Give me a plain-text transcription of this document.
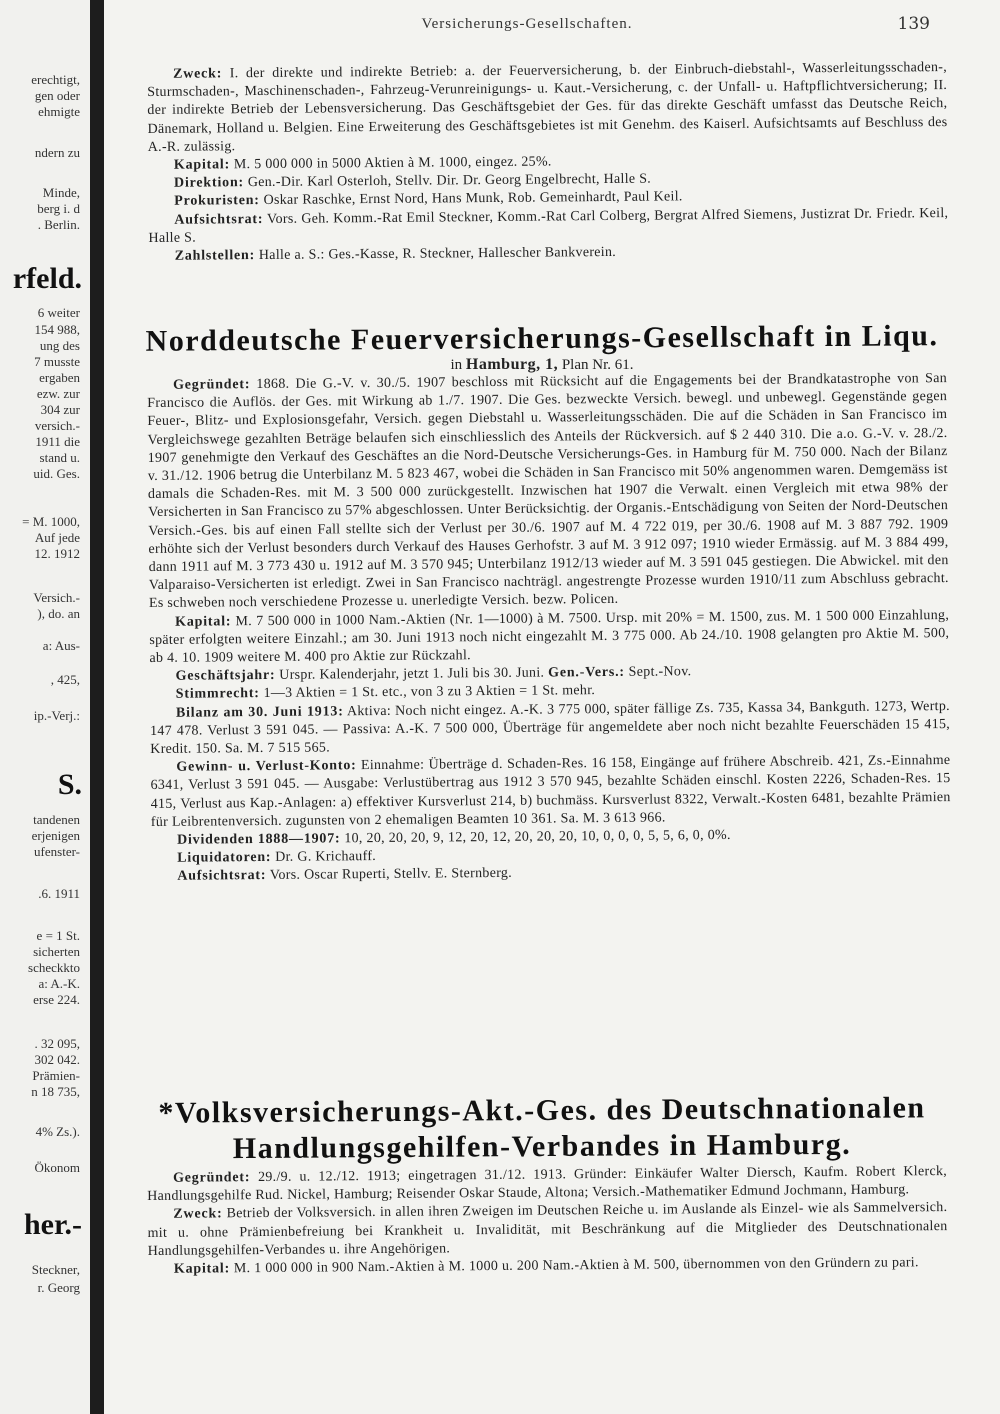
erechtigt,
gen oder
ehmigte
ndern zu
Minde,
berg i. d
. Berlin.
rfeld.
6 weiter
154 988,
ung des
7 musste
ergaben
ezw. zur
304 zur
versich.-
1911 die
stand u.
uid. Ges.
= M. 1000,
Auf jede
12. 1912
Versich.-
), do. an
a: Aus-
, 425,
ip.-Verj.:
S.
tandenen
erjenigen
ufenster-
.6. 1911
e = 1 St.
sicherten
scheckkto
a: A.-K.
erse 224.
. 32 095,
302 042.
Prämien-
n 18 735,
4% Zs.).
Ökonom
her.-
Steckner,
r. Georg
Versicherungs-Gesellschaften.	139

Zweck: I. der direkte und indirekte Betrieb: a. der Feuerversicherung, b. der Einbruch-diebstahl-, Wasserleitungsschaden-, Sturmschaden-, Maschinenschaden-, Fahrzeug-Verunreinigungs- u. Kaut.-Versicherung, c. der Unfall- u. Haftpflichtversicherung; II. der indirekte Betrieb der Lebensversicherung. Das Geschäftsgebiet der Ges. für das direkte Geschäft umfasst das Deutsche Reich, Dänemark, Holland u. Belgien. Eine Erweiterung des Geschäftsgebietes ist mit Genehm. des Kaiserl. Aufsichtsamts auf Beschluss des A.-R. zulässig.

Kapital: M. 5 000 000 in 5000 Aktien à M. 1000, eingez. 25%.

Direktion: Gen.-Dir. Karl Osterloh, Stellv. Dir. Dr. Georg Engelbrecht, Halle S.

Prokuristen: Oskar Raschke, Ernst Nord, Hans Munk, Rob. Gemeinhardt, Paul Keil.

Aufsichtsrat: Vors. Geh. Komm.-Rat Emil Steckner, Komm.-Rat Carl Colberg, Bergrat Alfred Siemens, Justizrat Dr. Friedr. Keil, Halle S.

Zahlstellen: Halle a. S.: Ges.-Kasse, R. Steckner, Hallescher Bankverein.

Norddeutsche Feuerversicherungs-Gesellschaft in Liqu.
in Hamburg, 1, Plan Nr. 61.

Gegründet: 1868. Die G.-V. v. 30./5. 1907 beschloss mit Rücksicht auf die Engagements bei der Brandkatastrophe von San Francisco die Auflös. der Ges. mit Wirkung ab 1./7. 1907. Die Ges. bezweckte Versich. bewegl. und unbewegl. Gegenstände gegen Feuer-, Blitz- und Explosionsgefahr, Versich. gegen Diebstahl u. Wasserleitungsschäden. Die auf die Schäden in San Francisco im Vergleichswege gezahlten Beträge belaufen sich einschliesslich des Anteils der Rückversich. auf $ 2 440 310. Die a.o. G.-V. v. 28./2. 1907 genehmigte den Verkauf des Geschäftes an die Nord-Deutsche Versicherungs-Ges. in Hamburg für M. 750 000. Nach der Bilanz v. 31./12. 1906 betrug die Unterbilanz M. 5 823 467, wobei die Schäden in San Francisco mit 50% angenommen waren. Demgemäss ist damals die Schaden-Res. mit M. 3 500 000 zurückgestellt. Inzwischen hat 1907 die Verwalt. einen Vergleich mit etwa 98% der Versicherten in San Francisco zu 57% abgeschlossen. Unter Berücksichtig. der Organis.-Entschädigung von Seiten der Nord-Deutschen Versich.-Ges. bis auf einen Fall stellte sich der Verlust per 30./6. 1907 auf M. 4 722 019, per 30./6. 1908 auf M. 3 887 792. 1909 erhöhte sich der Verlust besonders durch Verkauf des Hauses Gerhofstr. 3 auf M. 3 912 097; 1910 wieder Ermässig. auf M. 3 884 499, dann 1911 auf M. 3 773 430 u. 1912 auf M. 3 570 945; Unterbilanz 1912/13 wieder auf M. 3 591 045 gestiegen. Die Abwickel. mit den Valparaiso-Versicherten ist erledigt. Zwei in San Francisco nachträgl. angestrengte Prozesse wurden 1910/11 zum Abschluss gebracht. Es schweben noch verschiedene Prozesse u. unerledigte Versich. bezw. Policen.

Kapital: M. 7 500 000 in 1000 Nam.-Aktien (Nr. 1—1000) à M. 7500. Ursp. mit 20% = M. 1500, zus. M. 1 500 000 Einzahlung, später erfolgten weitere Einzahl.; am 30. Juni 1913 noch nicht eingezahlt M. 3 775 000. Ab 24./10. 1908 gelangten pro Aktie M. 500, ab 4. 10. 1909 weitere M. 400 pro Aktie zur Rückzahl.

Geschäftsjahr: Urspr. Kalenderjahr, jetzt 1. Juli bis 30. Juni. Gen.-Vers.: Sept.-Nov.

Stimmrecht: 1—3 Aktien = 1 St. etc., von 3 zu 3 Aktien = 1 St. mehr.

Bilanz am 30. Juni 1913: Aktiva: Noch nicht eingez. A.-K. 3 775 000, später fällige Zs. 735, Kassa 34, Bankguth. 1273, Wertp. 147 478. Verlust 3 591 045. — Passiva: A.-K. 7 500 000, Überträge für angemeldete aber noch nicht bezahlte Feuerschäden 15 415, Kredit. 150. Sa. M. 7 515 565.

Gewinn- u. Verlust-Konto: Einnahme: Überträge d. Schaden-Res. 16 158, Eingänge auf frühere Abschreib. 421, Zs.-Einnahme 6341, Verlust 3 591 045. — Ausgabe: Verlustübertrag aus 1912 3 570 945, bezahlte Schäden einschl. Kosten 2226, Schaden-Res. 15 415, Verlust aus Kap.-Anlagen: a) effektiver Kursverlust 214, b) buchmäss. Kursverlust 8322, Verwalt.-Kosten 6481, bezahlte Prämien für Leibrentenversich. zugunsten von 2 ehemaligen Beamten 10 361. Sa. M. 3 613 966.

Dividenden 1888—1907: 10, 20, 20, 20, 9, 12, 20, 12, 20, 20, 20, 10, 0, 0, 0, 5, 5, 6, 0, 0%.

Liquidatoren: Dr. G. Krichauff.

Aufsichtsrat: Vors. Oscar Ruperti, Stellv. E. Sternberg.

*Volksversicherungs-Akt.-Ges. des Deutschnationalen
Handlungsgehilfen-Verbandes in Hamburg.

Gegründet: 29./9. u. 12./12. 1913; eingetragen 31./12. 1913. Gründer: Einkäufer Walter Diersch, Kaufm. Robert Klerck, Handlungsgehilfe Rud. Nickel, Hamburg; Reisender Oskar Staude, Altona; Versich.-Mathematiker Edmund Jochmann, Hamburg.

Zweck: Betrieb der Volksversich. in allen ihren Zweigen im Deutschen Reiche u. im Auslande als Einzel- wie als Sammelversich. mit u. ohne Prämienbefreiung bei Krankheit u. Invalidität, mit Beschränkung auf die Mitglieder des Deutschnationalen Handlungsgehilfen-Verbandes u. ihre Angehörigen.

Kapital: M. 1 000 000 in 900 Nam.-Aktien à M. 1000 u. 200 Nam.-Aktien à M. 500, übernommen von den Gründern zu pari.
